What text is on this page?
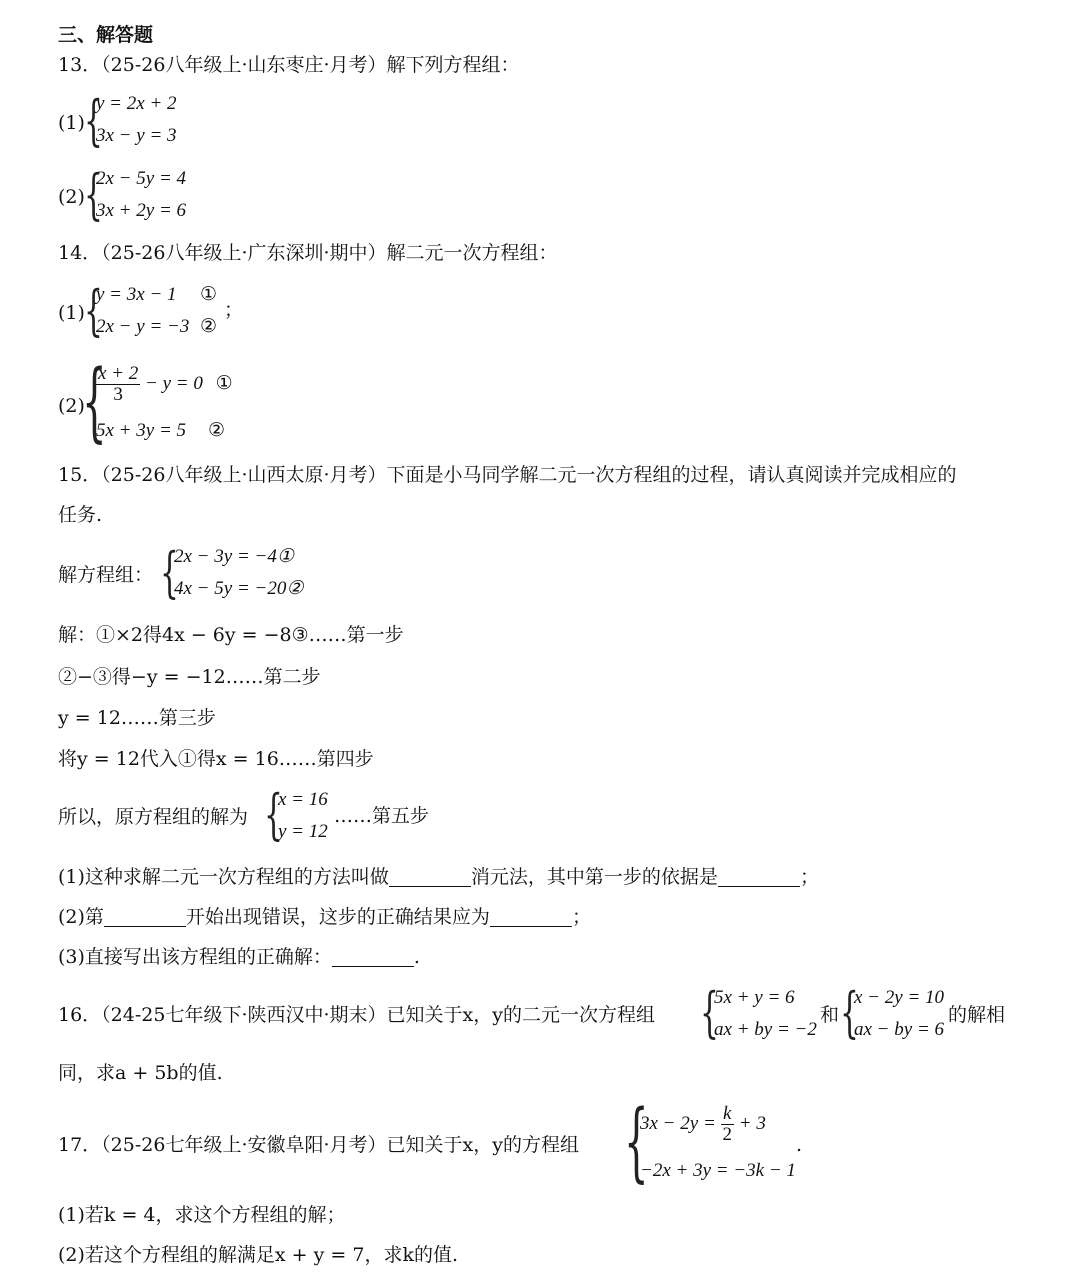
三、解答题
13．（25-26八年级上·山东枣庄·月考）解下列方程组：
(1) {
y = 2x + 2
3x − y = 3
(2) {
2x − 5y = 4
3x + 2y = 6
14．（25-26八年级上·广东深圳·期中）解二元一次方程组：
(1) {
y = 3x − 1 ①
2x − y = −3 ②
；
(2)
{
$\frac{x + 2}{3} - y = 0$ ①
5x + 3y = 5 ②
15．（25-26八年级上·山西太原·月考）下面是小马同学解二元一次方程组的过程，请认真阅读并完成相应的
任务.
解方程组： {
2x − 3y = −4①
4x − 5y = −20②
解：①×2得4x − 6y = −8③……第一步
②−③得−y = −12……第二步
y = 12……第三步
将y = 12代入①得x = 16……第四步
所以，原方程组的解为 {
x = 16
y = 12
……第五步
(1)这种求解二元一次方程组的方法叫做	消元法，其中第一步的依据是	；
(2)第	开始出现错误，这步的正确结果应为	；
(3)直接写出该方程组的正确解：	.
16．（24-25七年级下·陕西汉中·期末）已知关于x，y的二元一次方程组 {
5x + y = 6
ax + by = −2
和 {
x − 2y = 10
ax − by = 6
的解相
同，求a + 5b的值.
17．（25-26七年级上·安徽阜阳·月考）已知关于x，y的方程组 {
$3x - 2y = \frac{k}{2} + 3$
−2x + 3y = −3k − 1
.
(1)若k = 4，求这个方程组的解；
(2)若这个方程组的解满足x + y = 7，求k的值.
